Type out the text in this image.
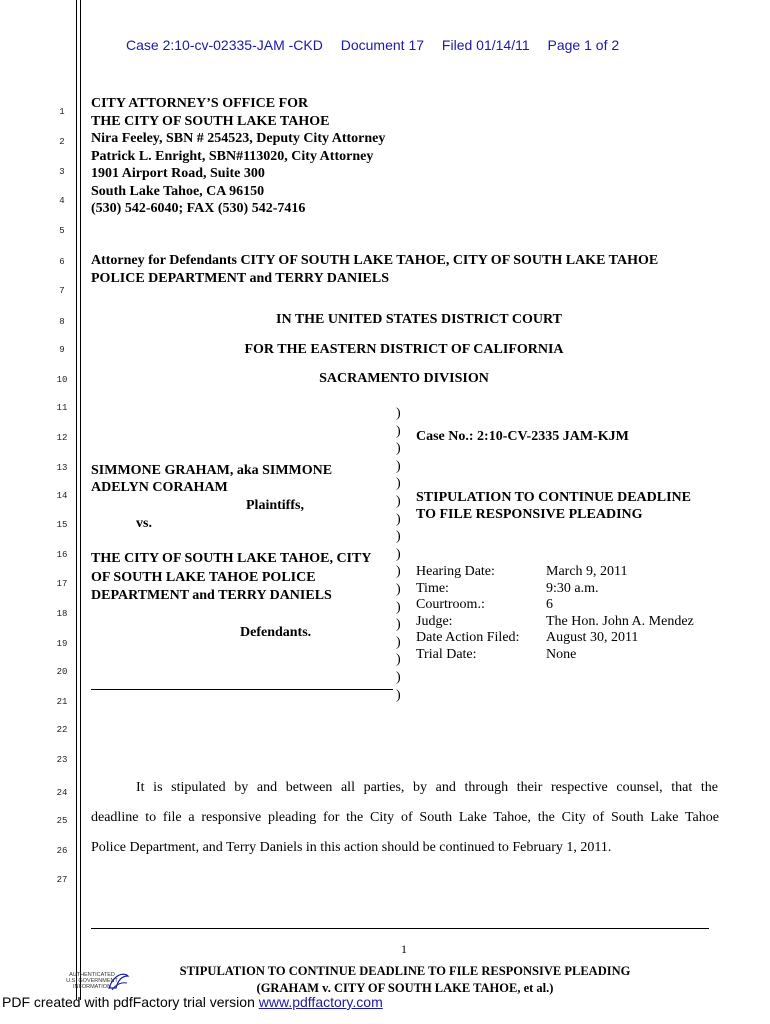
Case 2:10-cv-02335-JAM -CKD Document 17 Filed 01/14/11 Page 1 of 2
1
2
3
4
5
6
7
8
9
10
11
12
13
14
15
16
17
18
19
20
21
22
23
24
25
26
27
CITY ATTORNEY’S OFFICE FOR
THE CITY OF SOUTH LAKE TAHOE
Nira Feeley, SBN # 254523, Deputy City Attorney
Patrick L. Enright, SBN#113020, City Attorney
1901 Airport Road, Suite 300
South Lake Tahoe, CA 96150
(530) 542-6040; FAX (530) 542-7416
Attorney for Defendants CITY OF SOUTH LAKE TAHOE, CITY OF SOUTH LAKE TAHOE
POLICE DEPARTMENT and TERRY DANIELS
IN THE UNITED STATES DISTRICT COURT
FOR THE EASTERN DISTRICT OF CALIFORNIA
SACRAMENTO DIVISION
SIMMONE GRAHAM, aka SIMMONE
ADELYN CORAHAM
Plaintiffs,
vs.
THE CITY OF SOUTH LAKE TAHOE, CITY
OF SOUTH LAKE TAHOE POLICE
DEPARTMENT and TERRY DANIELS
Defendants.
)
)
)
)
)
)
)
)
)
)
)
)
)
)
)
)
)
Case No.: 2:10-CV-2335 JAM-KJM
STIPULATION TO CONTINUE DEADLINE
TO FILE RESPONSIVE PLEADING
Hearing Date:	March 9, 2011
Time:	9:30 a.m.
Courtroom.:	6
Judge:	The Hon. John A. Mendez
Date Action Filed: August 30, 2011
Trial Date:	None
It is stipulated by and between all parties, by and through their respective counsel, that the
deadline to file a responsive pleading for the City of South Lake Tahoe, the City of South Lake Tahoe
Police Department, and Terry Daniels in this action should be continued to February 1, 2011.
1
STIPULATION TO CONTINUE DEADLINE TO FILE RESPONSIVE PLEADING
(GRAHAM v. CITY OF SOUTH LAKE TAHOE, et al.)
AUTHENTICATED
U.S. GOVERNMENT
INFORMATION
PDF created with pdfFactory trial version www.pdffactory.com
